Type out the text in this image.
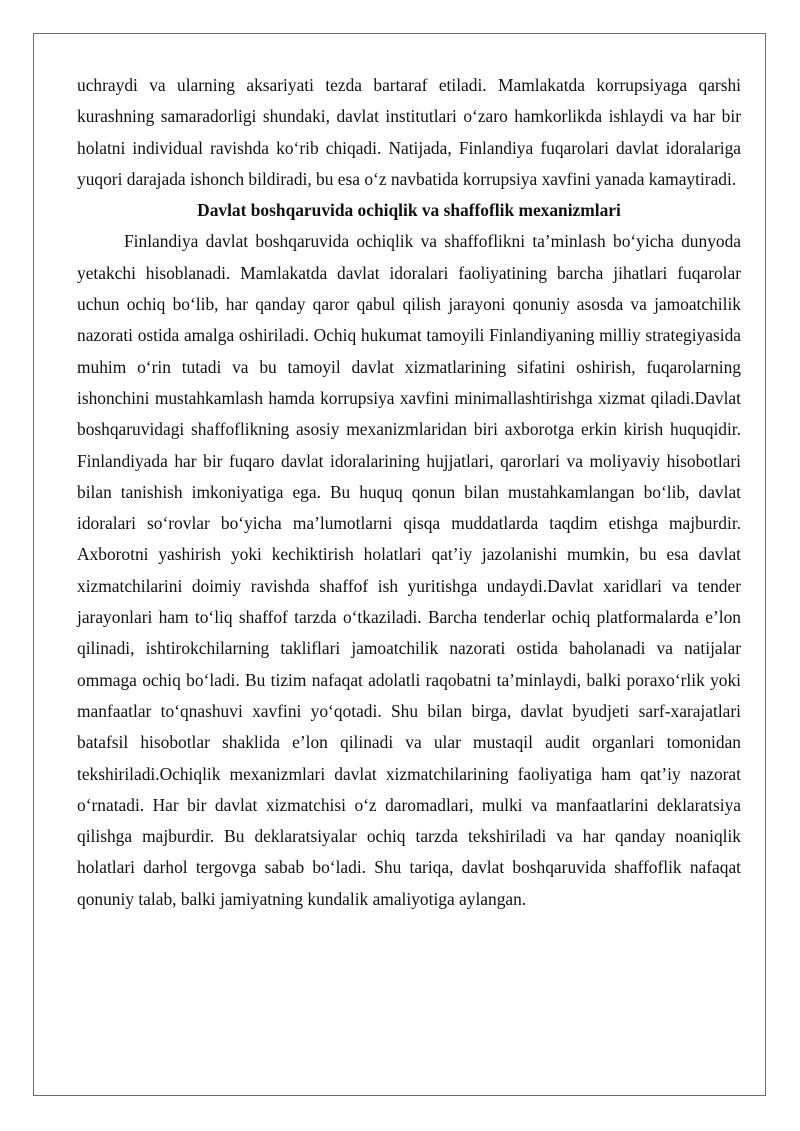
uchraydi va ularning aksariyati tezda bartaraf etiladi. Mamlakatda korrupsiyaga qarshi kurashning samaradorligi shundaki, davlat institutlari o‘zaro hamkorlikda ishlaydi va har bir holatni individual ravishda ko‘rib chiqadi. Natijada, Finlandiya fuqarolari davlat idoralariga yuqori darajada ishonch bildiradi, bu esa o‘z navbatida korrupsiya xavfini yanada kamaytiradi.

Davlat boshqaruvida ochiqlik va shaffoflik mexanizmlari

Finlandiya davlat boshqaruvida ochiqlik va shaffoflikni ta’minlash bo‘yicha dunyoda yetakchi hisoblanadi. Mamlakatda davlat idoralari faoliyatining barcha jihatlari fuqarolar uchun ochiq bo‘lib, har qanday qaror qabul qilish jarayoni qonuniy asosda va jamoatchilik nazorati ostida amalga oshiriladi. Ochiq hukumat tamoyili Finlandiyaning milliy strategiyasida muhim o‘rin tutadi va bu tamoyil davlat xizmatlarining sifatini oshirish, fuqarolarning ishonchini mustahkamlash hamda korrupsiya xavfini minimallashtirishga xizmat qiladi.Davlat boshqaruvidagi shaffoflikning asosiy mexanizmlaridan biri axborotga erkin kirish huquqidir. Finlandiyada har bir fuqaro davlat idoralarining hujjatlari, qarorlari va moliyaviy hisobotlari bilan tanishish imkoniyatiga ega. Bu huquq qonun bilan mustahkamlangan bo‘lib, davlat idoralari so‘rovlar bo‘yicha ma’lumotlarni qisqa muddatlarda taqdim etishga majburdir. Axborotni yashirish yoki kechiktirish holatlari qat’iy jazolanishi mumkin, bu esa davlat xizmatchilarini doimiy ravishda shaffof ish yuritishga undaydi.Davlat xaridlari va tender jarayonlari ham to‘liq shaffof tarzda o‘tkaziladi. Barcha tenderlar ochiq platformalarda e’lon qilinadi, ishtirokchilarning takliflari jamoatchilik nazorati ostida baholanadi va natijalar ommaga ochiq bo‘ladi. Bu tizim nafaqat adolatli raqobatni ta’minlaydi, balki poraxo‘rlik yoki manfaatlar to‘qnashuvi xavfini yo‘qotadi. Shu bilan birga, davlat byudjeti sarf-xarajatlari batafsil hisobotlar shaklida e’lon qilinadi va ular mustaqil audit organlari tomonidan tekshiriladi.Ochiqlik mexanizmlari davlat xizmatchilarining faoliyatiga ham qat’iy nazorat o‘rnatadi. Har bir davlat xizmatchisi o‘z daromadlari, mulki va manfaatlarini deklaratsiya qilishga majburdir. Bu deklaratsiyalar ochiq tarzda tekshiriladi va har qanday noaniqlik holatlari darhol tergovga sabab bo‘ladi. Shu tariqa, davlat boshqaruvida shaffoflik nafaqat qonuniy talab, balki jamiyatning kundalik amaliyotiga aylangan.
